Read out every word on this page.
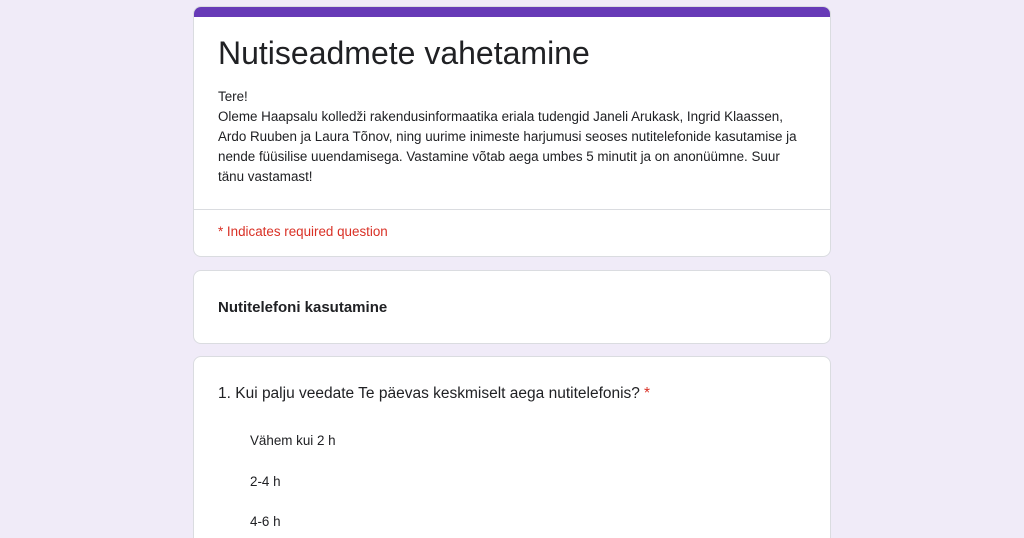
Nutiseadmete vahetamine
Tere!
Oleme Haapsalu kolledži rakendusinformaatika eriala tudengid Janeli Arukask, Ingrid Klaassen, Ardo Ruuben ja Laura Tõnov, ning uurime inimeste harjumusi seoses nutitelefonide kasutamise ja nende füüsilise uuendamisega. Vastamine võtab aega umbes 5 minutit ja on anonüümne. Suur tänu vastamast!
* Indicates required question
Nutitelefoni kasutamine
1. Kui palju veedate Te päevas keskmiselt aega nutitelefonis? *
Vähem kui 2 h
2-4 h
4-6 h
